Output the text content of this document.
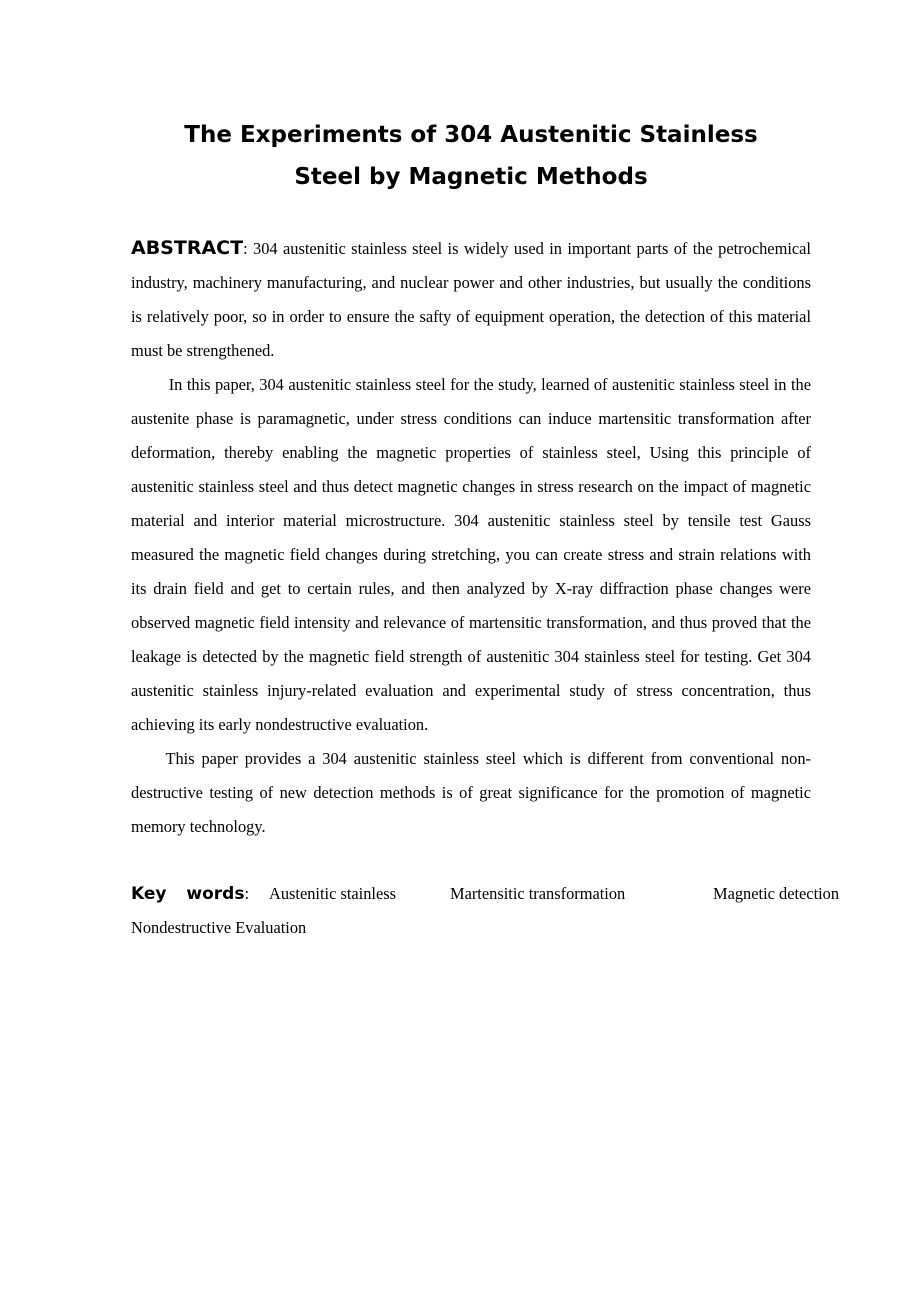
The Experiments of 304 Austenitic Stainless
Steel by Magnetic Methods

ABSTRACT: 304 austenitic stainless steel is widely used in important parts of the petrochemical industry, machinery manufacturing, and nuclear power and other industries, but usually the conditions is relatively poor, so in order to ensure the safty of equipment operation, the detection of this material must be strengthened.

In this paper, 304 austenitic stainless steel for the study, learned of austenitic stainless steel in the austenite phase is paramagnetic, under stress conditions can induce martensitic transformation after deformation, thereby enabling the magnetic properties of stainless steel, Using this principle of austenitic stainless steel and thus detect magnetic changes in stress research on the impact of magnetic material and interior material microstructure. 304 austenitic stainless steel by tensile test Gauss measured the magnetic field changes during stretching, you can create stress and strain relations with its drain field and get to certain rules, and then analyzed by X-ray diffraction phase changes were observed magnetic field intensity and relevance of martensitic transformation, and thus proved that the leakage is detected by the magnetic field strength of austenitic 304 stainless steel for testing. Get 304 austenitic stainless injury-related evaluation and experimental study of stress concentration, thus achieving its early nondestructive evaluation.

This paper provides a 304 austenitic stainless steel which is different from conventional non-destructive testing of new detection methods is of great significance for the promotion of magnetic memory technology.

Key words: Austenitic stainless	Martensitic transformation	Magnetic detection
Nondestructive Evaluation
